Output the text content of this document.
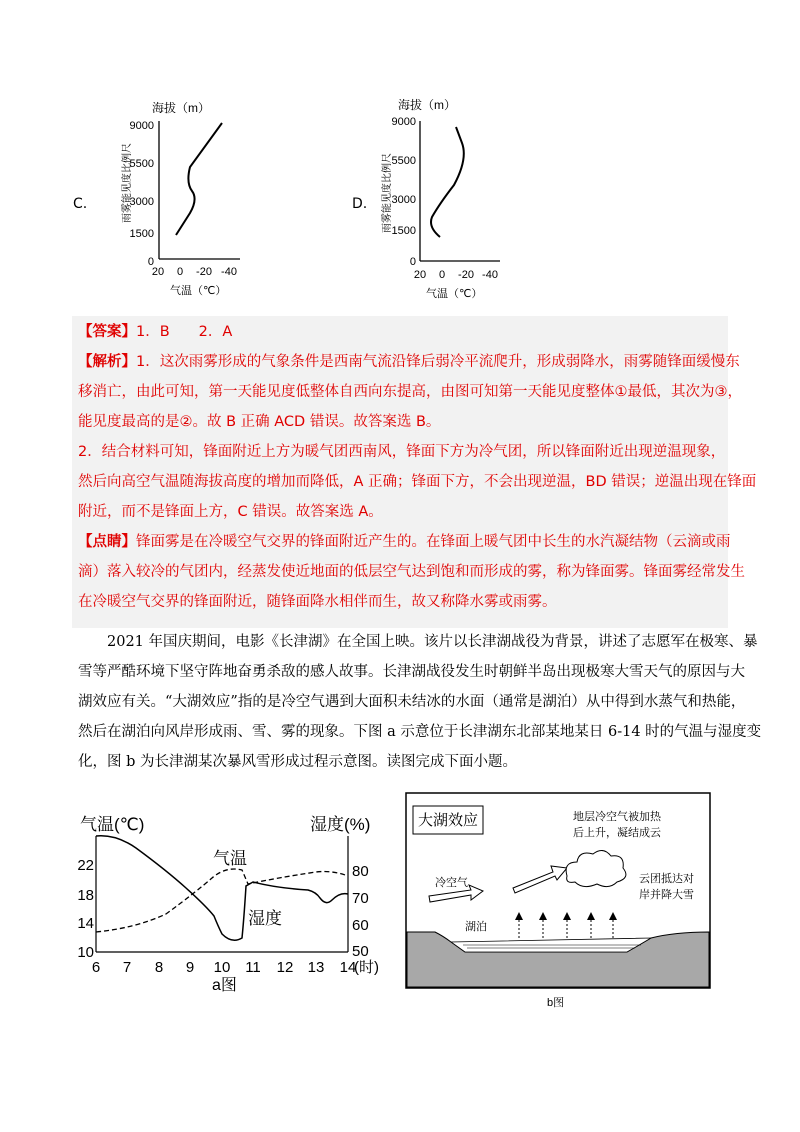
C.
海拔（m）
9000
5500
3000
1500
0
20 0 -20 -40
气温（℃）
雨雾能见度比例尺	D.
海拔（m）
9000
5500
3000
1500
0
20 0 -20 -40
气温（℃）
雨雾能见度比例尺
【答案】1．B　　2．A
【解析】1．这次雨雾形成的气象条件是西南气流沿锋后弱冷平流爬升，形成弱降水，雨雾随锋面缓慢东
移消亡，由此可知，第一天能见度低整体自西向东提高，由图可知第一天能见度整体①最低，其次为③，
能见度最高的是②。故 B 正确 ACD 错误。故答案选 B。
2．结合材料可知，锋面附近上方为暖气团西南风，锋面下方为冷气团，所以锋面附近出现逆温现象，
然后向高空气温随海拔高度的增加而降低，A 正确；锋面下方，不会出现逆温，BD 错误；逆温出现在锋面
附近，而不是锋面上方，C 错误。故答案选 A。
【点睛】锋面雾是在冷暖空气交界的锋面附近产生的。在锋面上暖气团中长生的水汽凝结物（云滴或雨
滴）落入较冷的气团内，经蒸发使近地面的低层空气达到饱和而形成的雾，称为锋面雾。锋面雾经常发生
在冷暖空气交界的锋面附近，随锋面降水相伴而生，故又称降水雾或雨雾。
　　2021 年国庆期间，电影《长津湖》在全国上映。该片以长津湖战役为背景，讲述了志愿军在极寒、暴
雪等严酷环境下坚守阵地奋勇杀敌的感人故事。长津湖战役发生时朝鲜半岛出现极寒大雪天气的原因与大
湖效应有关。“大湖效应”指的是冷空气遇到大面积未结冰的水面（通常是湖泊）从中得到水蒸气和热能，
然后在湖泊向风岸形成雨、雪、雾的现象。下图 a 示意位于长津湖东北部某地某日 6-14 时的气温与湿度变
化，图 b 为长津湖某次暴风雪形成过程示意图。读图完成下面小题。
气温(℃)	湿度(%)
22
18
14
10
80
70
60
50
6 7 8 9 10 11 12 13 14
(时)
气温
湿度
a图
大湖效应	地层冷空气被加热
后上升，凝结成云
云团抵达对
岸并降大雪
冷空气
湖泊
b图
